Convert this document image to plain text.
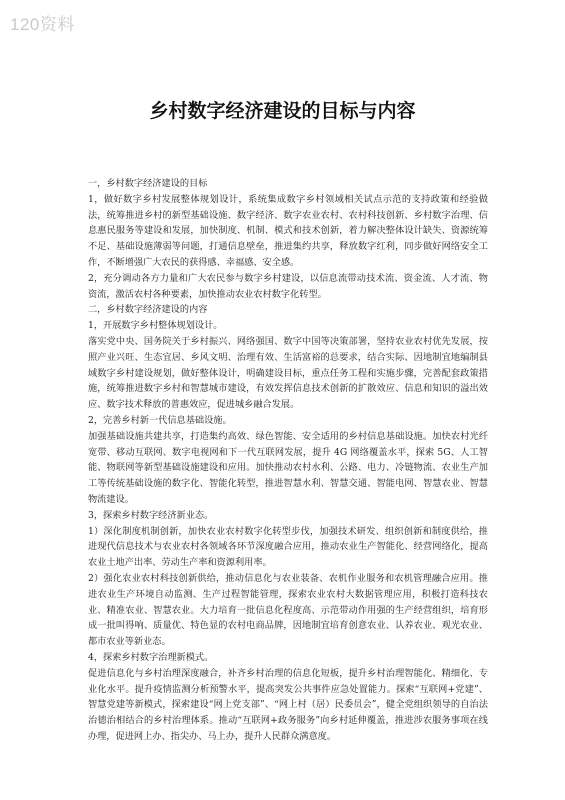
120资料
乡村数字经济建设的目标与内容

一，乡村数字经济建设的目标

1，做好数字乡村发展整体规划设计，系统集成数字乡村领域相关试点示范的支持政策和经验做法，统筹推进乡村的新型基础设施、数字经济、数字农业农村、农村科技创新、乡村数字治理、信息惠民服务等建设和发展，加快制度、机制、模式和技术创新，着力解决整体设计缺失、资源统筹不足、基础设施薄弱等问题，打通信息壁垒，推进集约共享，释放数字红利，同步做好网络安全工作，不断增强广大农民的获得感、幸福感、安全感。

2，充分调动各方力量和广大农民参与数字乡村建设，以信息流带动技术流、资金流、人才流、物资流，激活农村各种要素，加快推动农业农村数字化转型。

二，乡村数字经济建设的内容

1，开展数字乡村整体规划设计。

落实党中央、国务院关于乡村振兴、网络强国、数字中国等决策部署，坚持农业农村优先发展，按照产业兴旺、生态宜居、乡风文明、治理有效、生活富裕的总要求，结合实际、因地制宜地编制县域数字乡村建设规划，做好整体设计，明确建设目标，重点任务工程和实施步骤，完善配套政策措施，统筹推进数字乡村和智慧城市建设，有效发挥信息技术创新的扩散效应、信息和知识的溢出效应、数字技术释放的普惠效应，促进城乡融合发展。

2，完善乡村新一代信息基础设施。

加强基础设施共建共享，打造集约高效、绿色智能、安全适用的乡村信息基础设施。加快农村光纤宽带、移动互联网、数字电视网和下一代互联网发展，提升 4G 网络覆盖水平，探索 5G、人工智能、物联网等新型基础设施建设和应用。加快推动农村水利、公路、电力、冷链物流、农业生产加工等传统基础设施的数字化、智能化转型，推进智慧水利、智慧交通、智能电网、智慧农业、智慧物流建设。

3，探索乡村数字经济新业态。

1）深化制度机制创新，加快农业农村数字化转型步伐，加强技术研发、组织创新和制度供给，推进现代信息技术与农业农村各领域各环节深度融合应用，推动农业生产智能化、经营网络化，提高农业土地产出率、劳动生产率和资源利用率。

2）强化农业农村科技创新供给，推动信息化与农业装备、农机作业服务和农机管理融合应用。推进农业生产环境自动监测、生产过程智能管理，探索农业农村大数据管理应用，积极打造科技农业、精准农业、智慧农业。大力培育一批信息化程度高、示范带动作用强的生产经营组织，培育形成一批叫得响、质量优、特色显的农村电商品牌，因地制宜培育创意农业、认养农业、观光农业、都市农业等新业态。

4，探索乡村数字治理新模式。

促进信息化与乡村治理深度融合，补齐乡村治理的信息化短板，提升乡村治理智能化、精细化、专业化水平。提升疫情监测分析预警水平，提高突发公共事件应急处置能力。探索“互联网+党建”、智慧党建等新模式，探索建设“网上党支部”、“网上村（居）民委员会”，健全党组织领导的自治法治德治相结合的乡村治理体系。推动“互联网+政务服务”向乡村延伸覆盖，推进涉农服务事项在线办理，促进网上办、指尖办、马上办，提升人民群众满意度。
